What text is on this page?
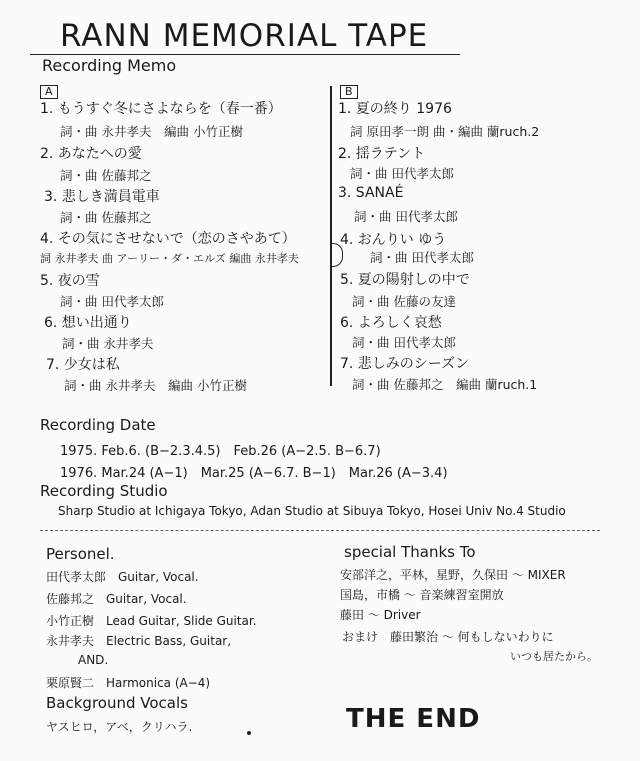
RANN MEMORIAL TAPE
Recording Memo
A
1. もうすぐ冬にさよならを（春一番）
詞・曲 永井孝夫　編曲 小竹正樹
2. あなたへの愛
詞・曲 佐藤邦之
3. 悲しき満員電車
詞・曲 佐藤邦之
4. その気にさせないで（恋のさやあて）
詞 永井孝夫 曲 アーリー・ダ・エルズ 編曲 永井孝夫
5. 夜の雪
詞・曲 田代孝太郎
6. 想い出通り
詞・曲 永井孝夫
7. 少女は私
詞・曲 永井孝夫　編曲 小竹正樹
B
1. 夏の終り 1976
詞 原田孝一朗 曲・編曲 蘭ruch.2
2. 揺ラテント
詞・曲 田代孝太郎
3. SANAÉ
詞・曲 田代孝太郎
4. おんりい ゆう
詞・曲 田代孝太郎
5. 夏の陽射しの中で
詞・曲 佐藤の友達
6. よろしく哀愁
詞・曲 田代孝太郎
7. 悲しみのシーズン
詞・曲 佐藤邦之　編曲 蘭ruch.1
Recording Date
1975. Feb.6. (B−2.3.4.5)　Feb.26 (A−2.5. B−6.7)
1976. Mar.24 (A−1)　Mar.25 (A−6.7. B−1)　Mar.26 (A−3.4)
Recording Studio
Sharp Studio at Ichigaya Tokyo, Adan Studio at Sibuya Tokyo, Hosei Univ No.4 Studio
Personel.
田代孝太郎　Guitar, Vocal.
佐藤邦之　Guitar, Vocal.
小竹正樹　Lead Guitar, Slide Guitar.
永井孝夫　Electric Bass, Guitar,
AND.
栗原賢二　Harmonica (A−4)
Background Vocals
ヤスヒロ，アベ，クリハラ.
special Thanks To
安部洋之，平林，星野，久保田 〜 MIXER
国島，市橋 〜 音楽練習室開放
藤田 〜 Driver
おまけ　藤田繁治 〜 何もしないわりに
いつも居たから。
THE END
